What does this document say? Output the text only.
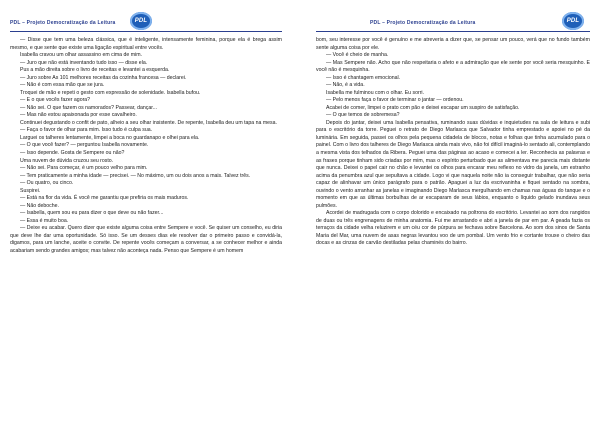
PDL – Projeto Democratização da Leitura	PDL

— Disse que tem uma beleza clássica, que é inteligente, intensamente feminina, porque ela é brega assim mesmo, e que sente que existe uma ligação espiritual entre vocês.

Isabella cravou um olhar assassino em cima de mim.

— Juro que não está inventando tudo isso — disse ela.

Pus a mão direita sobre o livro de receitas e levantei a esquerda.

— Juro sobre As 101 melhores receitas da cozinha francesa — declarei.

— Não é com essa mão que se jura.

Troquei de mão e repeti o gesto com expressão de solenidade. Isabella bufou.

— E o que vocês fazer agora?

— Não sei. O que fazem os namorados? Passear, dançar...

— Mas não estou apaixonada por esse cavalheiro.

Continuei degustando o confit de pato, alheio a seu olhar insistente. De repente, Isabella deu um tapa na mesa.

— Faça o favor de olhar para mim. Isso tudo é culpa sua.

Larguei os talheres lentamente, limpei a boca no guardanapo e olhei para ela.

— O que você fazer? — perguntou Isabella novamente.

— Isso depende. Gosta de Sempere ou não?

Uma nuvem de dúvida cruzou seu rosto.

— Não sei. Para começar, é um pouco velho para mim.

— Tem praticamente a minha idade — precisei. — No máximo, um ou dois anos a mais. Talvez três.

— Ou quatro, ou cinco.

Suspirei.

— Está na flor da vida. É você me garantiu que prefiria os mais maduros.

— Não deboche.

— Isabella, quem sou eu para dizer o que deve ou não fazer...

— Essa é muito boa.

— Deixe eu acabar. Quero dizer que existe alguma coisa entre Sempere e você. Se quiser um conselho, eu diria que deve lhe dar uma oportunidade. Só isso. Se um desses dias ele resolver dar o primeiro passo e convidá-la, digamos, para um lanche, aceite o convite. De repente vocês começam a conversar, a se conhecer melhor e ainda acabariam sendo grandes amigos; mas talvez não aconteça nada. Penso que Sempere é um homem

PDL – Projeto Democratização da Leitura	PDL

bom, seu interesse por você é genuíno e me atreveria a dizer que, se pensar um pouco, verá que no fundo também sente alguma coisa por ele.

— Você é cheio de manha.

— Mas Sempere não. Acho que não respeitaria o afeto e a admiração que ele sente por você seria mesquinho. E você não é mesquinha.

— Isso é chantagem emocional.

— Não, é a vida.

Isabella me fulminou com o olhar. Eu sorri.

— Pelo menos faça o favor de terminar o jantar — ordenou.

Acabei de comer, limpei o prato com pão e deixei escapar um suspiro de satisfação.

— O que temos de sobremesa?

Depois do jantar, deixei uma Isabella pensativa, ruminando suas dúvidas e inquietudes na sala de leitura e subi para o escritório da torre. Peguei o retrato de Diego Marlasca que Salvador tinha emprestado e apoiei no pé da luminária. Em seguida, passei os olhos pela pequena cidadela de blocos, notas e folhas que tinha acumulado para o painel. Com o livro dos talheres de Diego Marlasca ainda mais vivo, não foi difícil imaginá-lo sentado ali, contemplando a mesma vista dos telhados da Ribera. Peguei uma das páginas ao acaso e comecei a ler. Reconhecia as palavras e as frases porque tinham sido criadas por mim, mas o espírito perturbado que as alimentava me parecia mais distante que nunca. Deixei o papel cair no chão e levantei os olhos para encarar meu reflexo no vidro da janela, um estranho acima da penumbra azul que sepultava a cidade. Logo vi que naquela noite não ia conseguir trabalhar, que não seria capaz de alinhavar um único parágrafo para o patrão. Apaguei a luz da escrivaninha e fiquei sentado na sombra, ouvindo o vento arranhar as janelas e imaginando Diego Marlasca mergulhando em chamas nas águas do tanque e o momento em que as últimas borbulhas de ar escaparam de seus lábios, enquanto o líquido gelado inundava seus pulmões.

Acordei de madrugada com o corpo dolorido e encaixado na poltrona do escritório. Levantei ao som dos rangidos de duas ou três engrenagens de minha anatomia. Fui me arrastando e abri a janela de par em par. A geada fazia os terraços da cidade velha reluzirem e um céu cor de púrpura se fechava sobre Barcelona. Ao som dos sinos de Santa Maria del Mar, uma nuvem de asas negras levantou voo de um pombal. Um vento frio e cortante trouxe o cheiro das docas e as cinzas de carvão destiladas pelas chaminés do bairro.
